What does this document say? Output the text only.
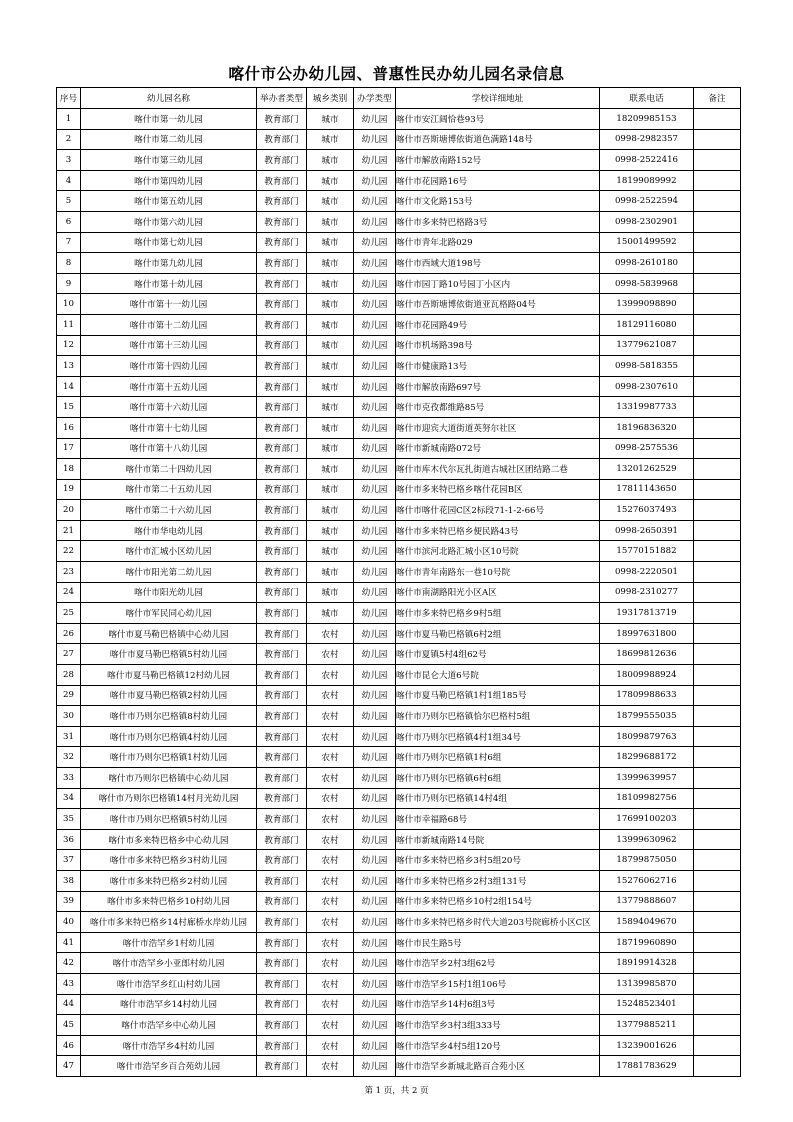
喀什市公办幼儿园、普惠性民办幼儿园名录信息
序号	幼儿园名称	举办者类型	城乡类别	办学类型	学校详细地址	联系电话	备注
1	喀什市第一幼儿园	教育部门	城市	幼儿园	喀什市安江阔恰巷93号	18209985153	
2	喀什市第二幼儿园	教育部门	城市	幼儿园	喀什市吾斯塘博依街道色满路148号	0998-2982357	
3	喀什市第三幼儿园	教育部门	城市	幼儿园	喀什市解放南路152号	0998-2522416	
4	喀什市第四幼儿园	教育部门	城市	幼儿园	喀什市花园路16号	18199089992	
5	喀什市第五幼儿园	教育部门	城市	幼儿园	喀什市文化路153号	0998-2522594	
6	喀什市第六幼儿园	教育部门	城市	幼儿园	喀什市多来特巴格路3号	0998-2302901	
7	喀什市第七幼儿园	教育部门	城市	幼儿园	喀什市青年北路029	15001499592	
8	喀什市第九幼儿园	教育部门	城市	幼儿园	喀什市西域大道198号	0998-2610180	
9	喀什市第十幼儿园	教育部门	城市	幼儿园	喀什市园丁路10号园丁小区内	0998-5839968	
10	喀什市第十一幼儿园	教育部门	城市	幼儿园	喀什市吾斯塘博依街道亚瓦格路04号	13999098890	
11	喀什市第十二幼儿园	教育部门	城市	幼儿园	喀什市花园路49号	18129116080	
12	喀什市第十三幼儿园	教育部门	城市	幼儿园	喀什市机场路398号	13779621087	
13	喀什市第十四幼儿园	教育部门	城市	幼儿园	喀什市健康路13号	0998-5818355	
14	喀什市第十五幼儿园	教育部门	城市	幼儿园	喀什市解放南路697号	0998-2307610	
15	喀什市第十六幼儿园	教育部门	城市	幼儿园	喀什市克孜都维路85号	13319987733	
16	喀什市第十七幼儿园	教育部门	城市	幼儿园	喀什市迎宾大道街道英努尔社区	18196836320	
17	喀什市第十八幼儿园	教育部门	城市	幼儿园	喀什市新城南路072号	0998-2575536	
18	喀什市第二十四幼儿园	教育部门	城市	幼儿园	喀什市库木代尔瓦扎街道古城社区团结路二巷	13201262529	
19	喀什市第二十五幼儿园	教育部门	城市	幼儿园	喀什市多来特巴格乡喀什花园B区	17811143650	
20	喀什市第二十六幼儿园	教育部门	城市	幼儿园	喀什市喀什花园C区2标段71-1-2-66号	15276037493	
21	喀什市华电幼儿园	教育部门	城市	幼儿园	喀什市多来特巴格乡便民路43号	0998-2650391	
22	喀什市汇城小区幼儿园	教育部门	城市	幼儿园	喀什市滨河北路汇城小区10号院	15770151882	
23	喀什市阳光第二幼儿园	教育部门	城市	幼儿园	喀什市青年南路东一巷10号院	0998-2220501	
24	喀什市阳光幼儿园	教育部门	城市	幼儿园	喀什市南湖路阳光小区A区	0998-2310277	
25	喀什市军民同心幼儿园	教育部门	城市	幼儿园	喀什市多来特巴格乡9村5组	19317813719	
26	喀什市夏马勒巴格镇中心幼儿园	教育部门	农村	幼儿园	喀什市夏马勒巴格镇6村2组	18997631800	
27	喀什市夏马勒巴格镇5村幼儿园	教育部门	农村	幼儿园	喀什市夏镇5村4组62号	18699812636	
28	喀什市夏马勒巴格镇12村幼儿园	教育部门	农村	幼儿园	喀什市昆仑大道6号院	18009988924	
29	喀什市夏马勒巴格镇2村幼儿园	教育部门	农村	幼儿园	喀什市夏马勒巴格镇1村1组185号	17809988633	
30	喀什市乃则尔巴格镇8村幼儿园	教育部门	农村	幼儿园	喀什市乃则尔巴格镇恰尔巴格村5组	18799555035	
31	喀什市乃则尔巴格镇4村幼儿园	教育部门	农村	幼儿园	喀什市乃则尔巴格镇4村1组34号	18099879763	
32	喀什市乃则尔巴格镇1村幼儿园	教育部门	农村	幼儿园	喀什市乃则尔巴格镇1村6组	18299688172	
33	喀什市乃则尔巴格镇中心幼儿园	教育部门	农村	幼儿园	喀什市乃则尔巴格镇6村6组	13999639957	
34	喀什市乃则尔巴格镇14村月光幼儿园	教育部门	农村	幼儿园	喀什市乃则尔巴格镇14村4组	18109982756	
35	喀什市乃则尔巴格镇5村幼儿园	教育部门	农村	幼儿园	喀什市幸福路68号	17699100203	
36	喀什市多来特巴格乡中心幼儿园	教育部门	农村	幼儿园	喀什市新城南路14号院	13999630962	
37	喀什市多来特巴格乡3村幼儿园	教育部门	农村	幼儿园	喀什市多来特巴格乡3村5组20号	18799875050	
38	喀什市多来特巴格乡2村幼儿园	教育部门	农村	幼儿园	喀什市多来特巴格乡2村3组131号	15276062716	
39	喀什市多来特巴格乡10村幼儿园	教育部门	农村	幼儿园	喀什市多来特巴格乡10村2组154号	13779888607	
40	喀什市多来特巴格乡14村廊桥水岸幼儿园	教育部门	农村	幼儿园	喀什市多来特巴格乡时代大道203号院廊桥小区C区	15894049670	
41	喀什市浩罕乡1村幼儿园	教育部门	农村	幼儿园	喀什市民生路5号	18719960890	
42	喀什市浩罕乡小亚郎村幼儿园	教育部门	农村	幼儿园	喀什市浩罕乡2村3组62号	18919914328	
43	喀什市浩罕乡红山村幼儿园	教育部门	农村	幼儿园	喀什市浩罕乡15村1组106号	13139985870	
44	喀什市浩罕乡14村幼儿园	教育部门	农村	幼儿园	喀什市浩罕乡14村6组3号	15248523401	
45	喀什市浩罕乡中心幼儿园	教育部门	农村	幼儿园	喀什市浩罕乡3村3组333号	13779885211	
46	喀什市浩罕乡4村幼儿园	教育部门	农村	幼儿园	喀什市浩罕乡4村5组120号	13239001626	
47	喀什市浩罕乡百合苑幼儿园	教育部门	农村	幼儿园	喀什市浩罕乡新城北路百合苑小区	17881783629	
第 1 页，共 2 页
